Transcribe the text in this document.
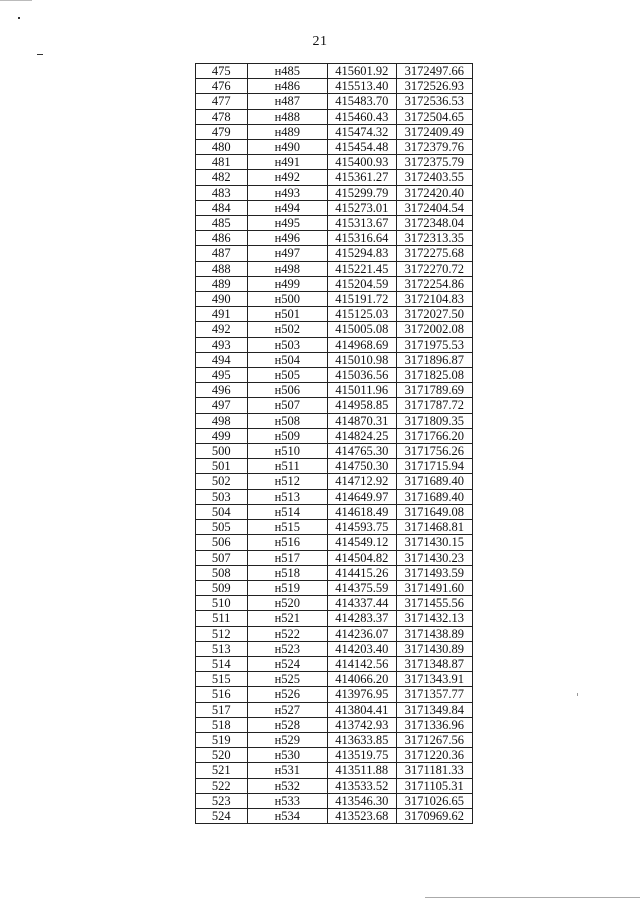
21
475	н485	415601.92	3172497.66
476	н486	415513.40	3172526.93
477	н487	415483.70	3172536.53
478	н488	415460.43	3172504.65
479	н489	415474.32	3172409.49
480	н490	415454.48	3172379.76
481	н491	415400.93	3172375.79
482	н492	415361.27	3172403.55
483	н493	415299.79	3172420.40
484	н494	415273.01	3172404.54
485	н495	415313.67	3172348.04
486	н496	415316.64	3172313.35
487	н497	415294.83	3172275.68
488	н498	415221.45	3172270.72
489	н499	415204.59	3172254.86
490	н500	415191.72	3172104.83
491	н501	415125.03	3172027.50
492	н502	415005.08	3172002.08
493	н503	414968.69	3171975.53
494	н504	415010.98	3171896.87
495	н505	415036.56	3171825.08
496	н506	415011.96	3171789.69
497	н507	414958.85	3171787.72
498	н508	414870.31	3171809.35
499	н509	414824.25	3171766.20
500	н510	414765.30	3171756.26
501	н511	414750.30	3171715.94
502	н512	414712.92	3171689.40
503	н513	414649.97	3171689.40
504	н514	414618.49	3171649.08
505	н515	414593.75	3171468.81
506	н516	414549.12	3171430.15
507	н517	414504.82	3171430.23
508	н518	414415.26	3171493.59
509	н519	414375.59	3171491.60
510	н520	414337.44	3171455.56
511	н521	414283.37	3171432.13
512	н522	414236.07	3171438.89
513	н523	414203.40	3171430.89
514	н524	414142.56	3171348.87
515	н525	414066.20	3171343.91
516	н526	413976.95	3171357.77
517	н527	413804.41	3171349.84
518	н528	413742.93	3171336.96
519	н529	413633.85	3171267.56
520	н530	413519.75	3171220.36
521	н531	413511.88	3171181.33
522	н532	413533.52	3171105.31
523	н533	413546.30	3171026.65
524	н534	413523.68	3170969.62
